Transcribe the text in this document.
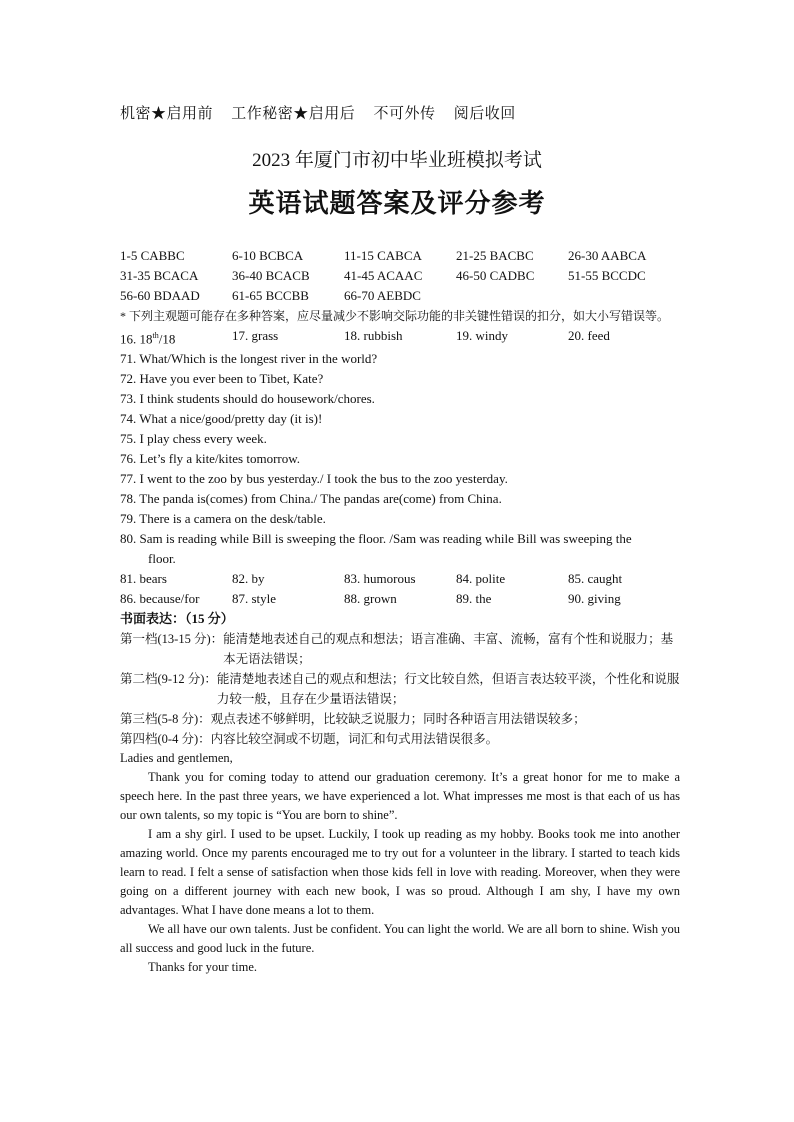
机密★启用前 工作秘密★启用后 不可外传 阅后收回
2023 年厦门市初中毕业班模拟考试
英语试题答案及评分参考
1-5 CABBC	6-10 BCBCA	11-15 CABCA	21-25 BACBC	26-30 AABCA
31-35 BCACA	36-40 BCACB	41-45 ACAAC	46-50 CADBC	51-55 BCCDC
56-60 BDAAD	61-65 BCCBB	66-70 AEBDC
* 下列主观题可能存在多种答案，应尽量减少不影响交际功能的非关键性错误的扣分，如大小写错误等。
16. 18th/18	17. grass	18. rubbish	19. windy	20. feed
71. What/Which is the longest river in the world?
72. Have you ever been to Tibet, Kate?
73. I think students should do housework/chores.
74. What a nice/good/pretty day (it is)!
75. I play chess every week.
76. Let’s fly a kite/kites tomorrow.
77. I went to the zoo by bus yesterday./ I took the bus to the zoo yesterday.
78. The panda is(comes) from China./ The pandas are(come) from China.
79. There is a camera on the desk/table.
80. Sam is reading while Bill is sweeping the floor. /Sam was reading while Bill was sweeping the
floor.
81. bears	82. by	83. humorous	84. polite	85. caught
86. because/for	87. style	88. grown	89. the	90. giving
书面表达：（15 分）
第一档(13-15 分)： 能清楚地表述自己的观点和想法；语言准确、丰富、流畅，富有个性和说服力；基本无语法错误；
第二档(9-12 分)： 能清楚地表述自己的观点和想法；行文比较自然，但语言表达较平淡，个性化和说服力较一般，且存在少量语法错误；
第三档(5-8 分)： 观点表述不够鲜明，比较缺乏说服力；同时各种语言用法错误较多；
第四档(0-4 分)： 内容比较空洞或不切题，词汇和句式用法错误很多。

Ladies and gentlemen,

Thank you for coming today to attend our graduation ceremony. It’s a great honor for me to make a speech here. In the past three years, we have experienced a lot. What impresses me most is that each of us has our own talents, so my topic is “You are born to shine”.

I am a shy girl. I used to be upset. Luckily, I took up reading as my hobby. Books took me into another amazing world. Once my parents encouraged me to try out for a volunteer in the library. I started to teach kids learn to read. I felt a sense of satisfaction when those kids fell in love with reading. Moreover, when they were going on a different journey with each new book, I was so proud. Although I am shy, I have my own advantages. What I have done means a lot to them.

We all have our own talents. Just be confident. You can light the world. We are all born to shine. Wish you all success and good luck in the future.

Thanks for your time.
